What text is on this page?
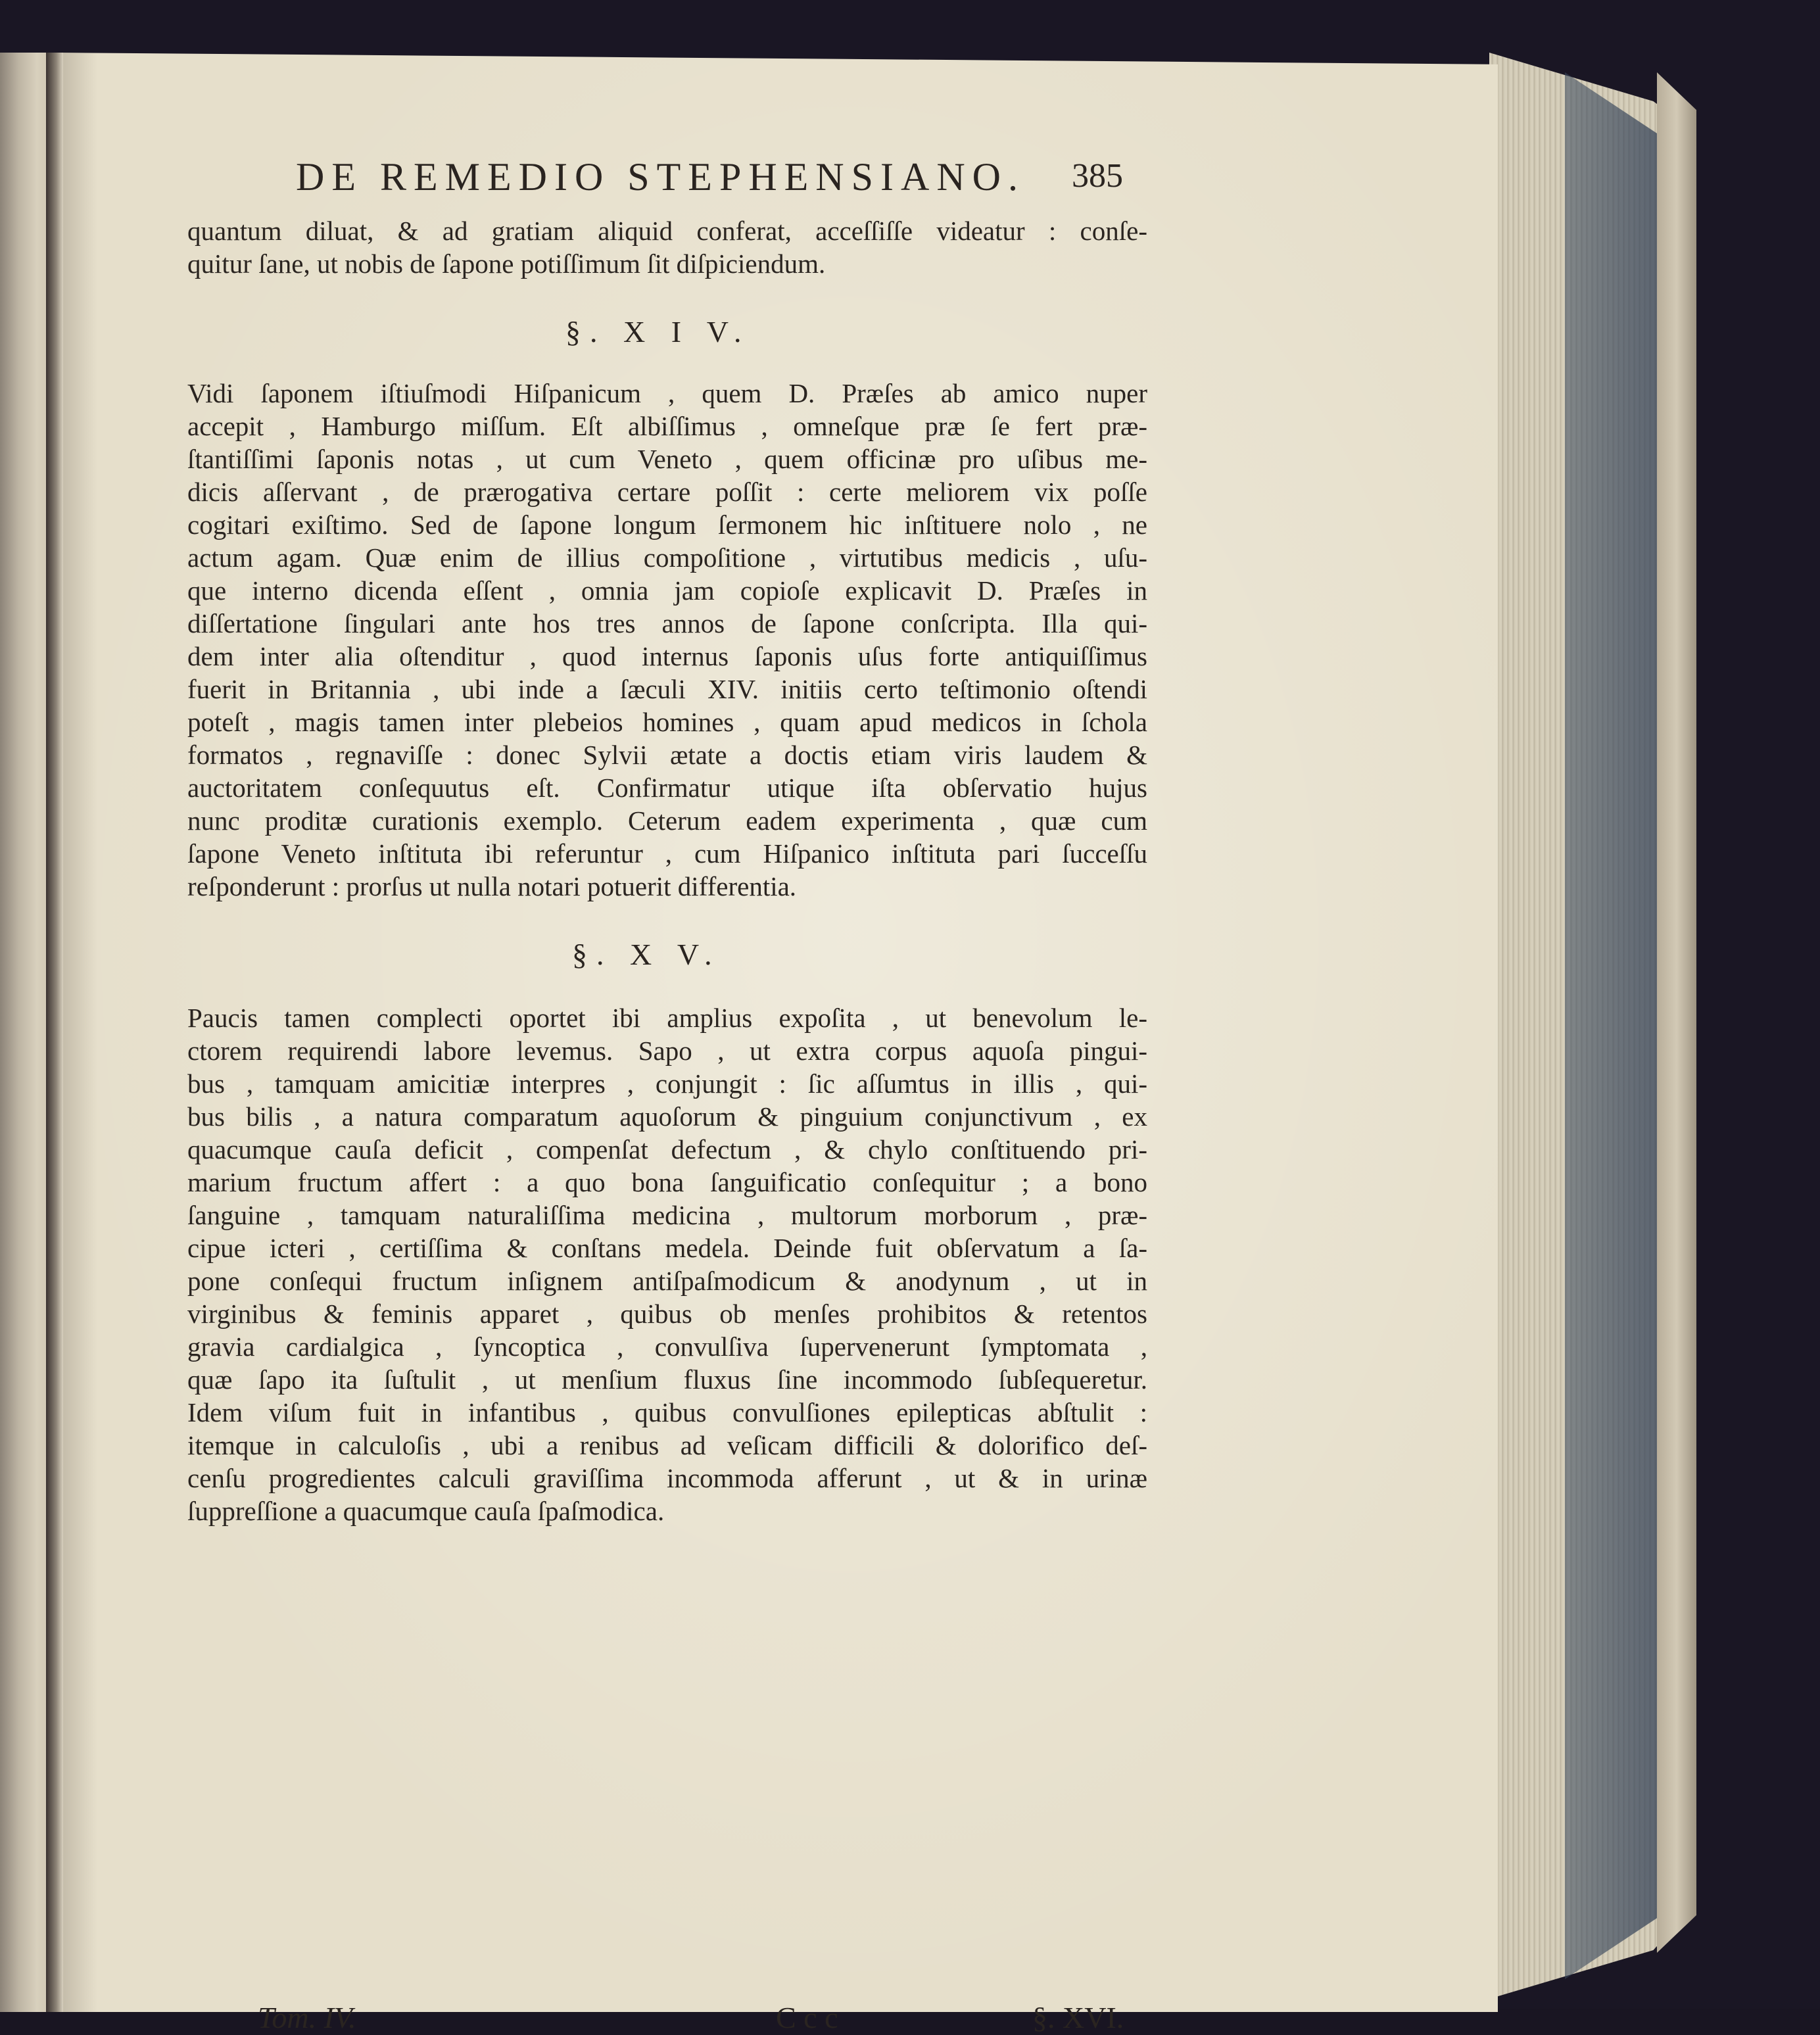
DE REMEDIO STEPHENSIANO. 385
quantum diluat, & ad gratiam aliquid conferat, acceſſiſſe videatur : conſe-
quitur ſane, ut nobis de ſapone potiſſimum ſit diſpiciendum.
§. X I V.
Vidi ſaponem iſtiuſmodi Hiſpanicum , quem D. Præſes ab amico nuper
accepit , Hamburgo miſſum. Eſt albiſſimus , omneſque præ ſe fert præ-
ſtantiſſimi ſaponis notas , ut cum Veneto , quem officinæ pro uſibus me-
dicis aſſervant , de prærogativa certare poſſit : certe meliorem vix poſſe
cogitari exiſtimo. Sed de ſapone longum ſermonem hic inſtituere nolo , ne
actum agam. Quæ enim de illius compoſitione , virtutibus medicis , uſu-
que interno dicenda eſſent , omnia jam copioſe explicavit D. Præſes in
diſſertatione ſingulari ante hos tres annos de ſapone conſcripta. Illa qui-
dem inter alia oſtenditur , quod internus ſaponis uſus forte antiquiſſimus
fuerit in Britannia , ubi inde a ſæculi XIV. initiis certo teſtimonio oſtendi
poteſt , magis tamen inter plebeios homines , quam apud medicos in ſchola
formatos , regnaviſſe : donec Sylvii ætate a doctis etiam viris laudem &
auctoritatem conſequutus eſt. Confirmatur utique iſta obſervatio hujus
nunc proditæ curationis exemplo. Ceterum eadem experimenta , quæ cum
ſapone Veneto inſtituta ibi referuntur , cum Hiſpanico inſtituta pari ſucceſſu
reſponderunt : prorſus ut nulla notari potuerit differentia.
§. X V.
Paucis tamen complecti oportet ibi amplius expoſita , ut benevolum le-
ctorem requirendi labore levemus. Sapo , ut extra corpus aquoſa pingui-
bus , tamquam amicitiæ interpres , conjungit : ſic aſſumtus in illis , qui-
bus bilis , a natura comparatum aquoſorum & pinguium conjunctivum , ex
quacumque cauſa deficit , compenſat defectum , & chylo conſtituendo pri-
marium fructum affert : a quo bona ſanguificatio conſequitur ; a bono
ſanguine , tamquam naturaliſſima medicina , multorum morborum , præ-
cipue icteri , certiſſima & conſtans medela. Deinde fuit obſervatum a ſa-
pone conſequi fructum inſignem antiſpaſmodicum & anodynum , ut in
virginibus & feminis apparet , quibus ob menſes prohibitos & retentos
gravia cardialgica , ſyncoptica , convulſiva ſupervenerunt ſymptomata ,
quæ ſapo ita ſuſtulit , ut menſium fluxus ſine incommodo ſubſequeretur.
Idem viſum fuit in infantibus , quibus convulſiones epilepticas abſtulit :
itemque in calculoſis , ubi a renibus ad veſicam difficili & dolorifico deſ-
cenſu progredientes calculi graviſſima incommoda afferunt , ut & in urinæ
ſuppreſſione a quacumque cauſa ſpaſmodica.
Tom. IV.	C c c	§. XVI.
